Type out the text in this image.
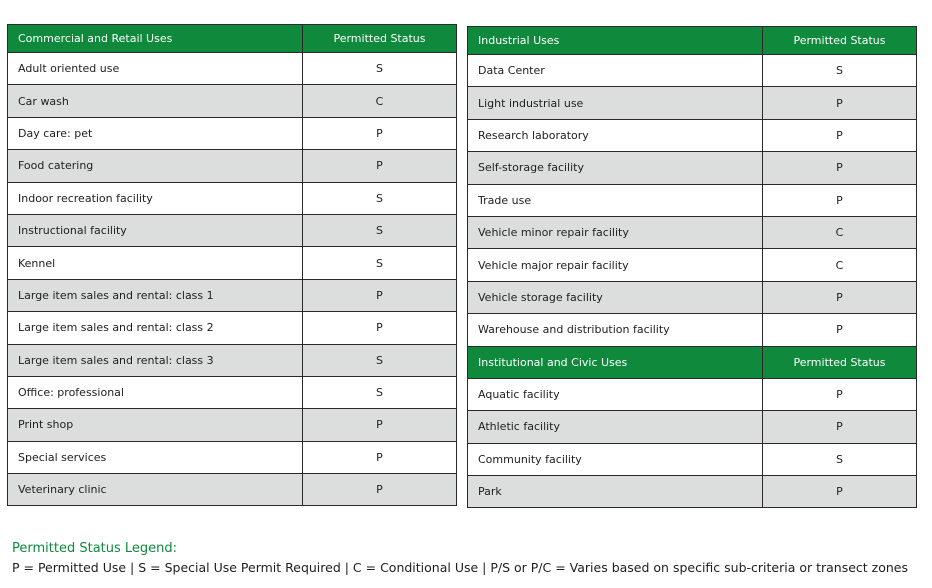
Commercial and Retail Uses	Permitted Status
Adult oriented use	S
Car wash	C
Day care: pet	P
Food catering	P
Indoor recreation facility	S
Instructional facility	S
Kennel	S
Large item sales and rental: class 1	P
Large item sales and rental: class 2	P
Large item sales and rental: class 3	S
Office: professional	S
Print shop	P
Special services	P
Veterinary clinic	P
Industrial Uses	Permitted Status
Data Center	S
Light industrial use	P
Research laboratory	P
Self-storage facility	P
Trade use	P
Vehicle minor repair facility	C
Vehicle major repair facility	C
Vehicle storage facility	P
Warehouse and distribution facility	P
Institutional and Civic Uses	Permitted Status
Aquatic facility	P
Athletic facility	P
Community facility	S
Park	P
Permitted Status Legend:
P = Permitted Use | S = Special Use Permit Required | C = Conditional Use | P/S or P/C = Varies based on specific sub-criteria or transect zones
